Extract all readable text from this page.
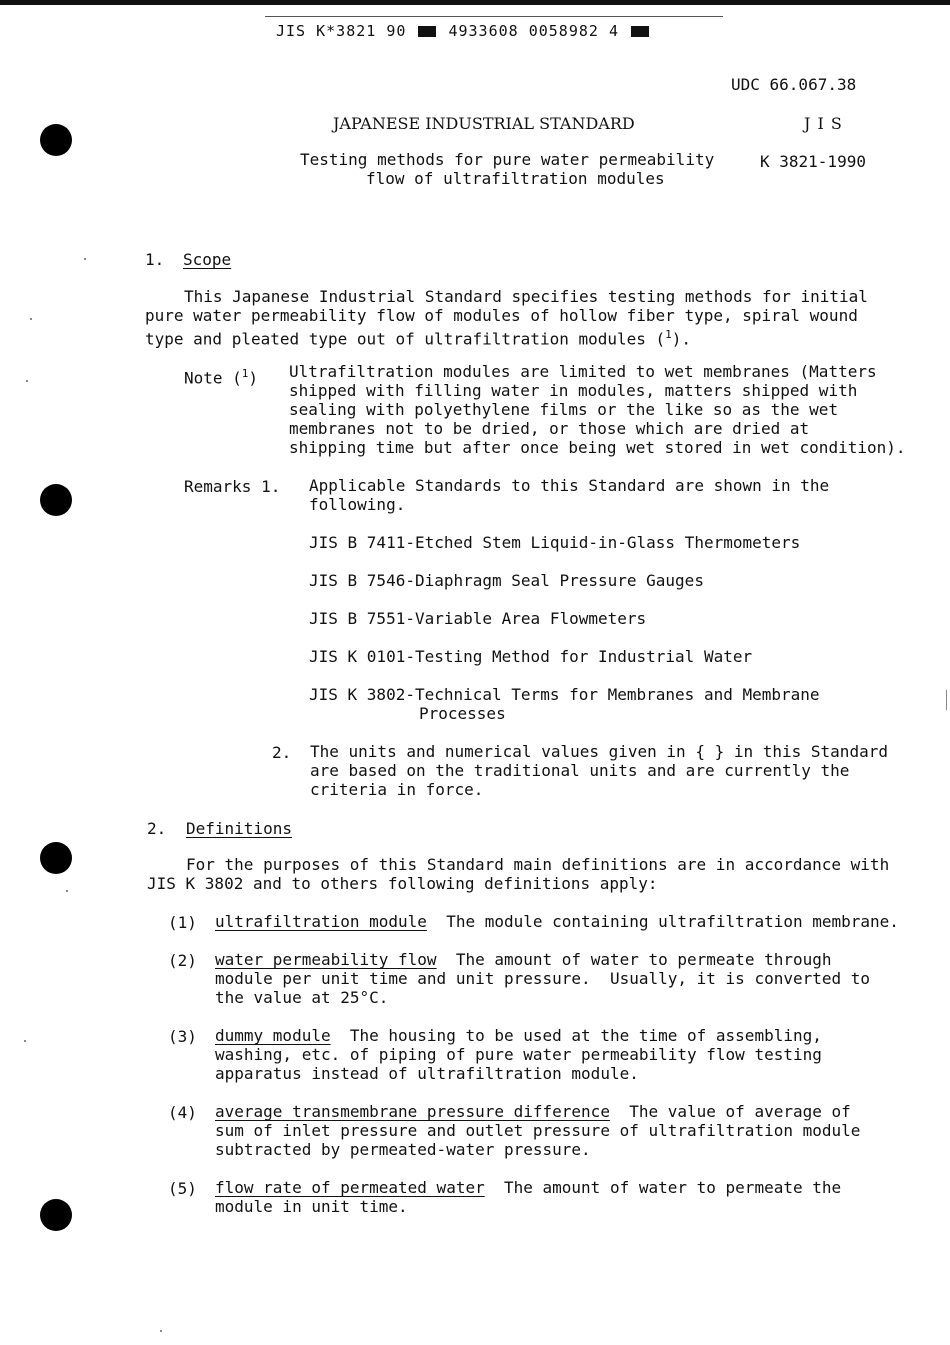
JIS K*3821 90	4933608 0058982 4
UDC 66.067.38
JAPANESE INDUSTRIAL STANDARD	J I S
Testing methods for pure water permeability
flow of ultrafiltration modules
K 3821-1990
1. Scope
This Japanese Industrial Standard specifies testing methods for initial
pure water permeability flow of modules of hollow fiber type, spiral wound
type and pleated type out of ultrafiltration modules ($^1$).
Note ($^1$) Ultrafiltration modules are limited to wet membranes (Matters
shipped with filling water in modules, matters shipped with
sealing with polyethylene films or the like so as the wet
membranes not to be dried, or those which are dried at
shipping time but after once being wet stored in wet condition).
Remarks 1. Applicable Standards to this Standard are shown in the
following.
JIS B 7411-Etched Stem Liquid-in-Glass Thermometers
JIS B 7546-Diaphragm Seal Pressure Gauges
JIS B 7551-Variable Area Flowmeters
JIS K 0101-Testing Method for Industrial Water
JIS K 3802-Technical Terms for Membranes and Membrane
Processes
2. The units and numerical values given in { } in this Standard
are based on the traditional units and are currently the
criteria in force.
2. Definitions
For the purposes of this Standard main definitions are in accordance with
JIS K 3802 and to others following definitions apply:
(1) ultrafiltration module  The module containing ultrafiltration membrane.
(2) water permeability flow  The amount of water to permeate through
module per unit time and unit pressure.  Usually, it is converted to
the value at 25°C.
(3) dummy module  The housing to be used at the time of assembling,
washing, etc. of piping of pure water permeability flow testing
apparatus instead of ultrafiltration module.
(4) average transmembrane pressure difference  The value of average of
sum of inlet pressure and outlet pressure of ultrafiltration module
subtracted by permeated-water pressure.
(5) flow rate of permeated water  The amount of water to permeate the
module in unit time.
